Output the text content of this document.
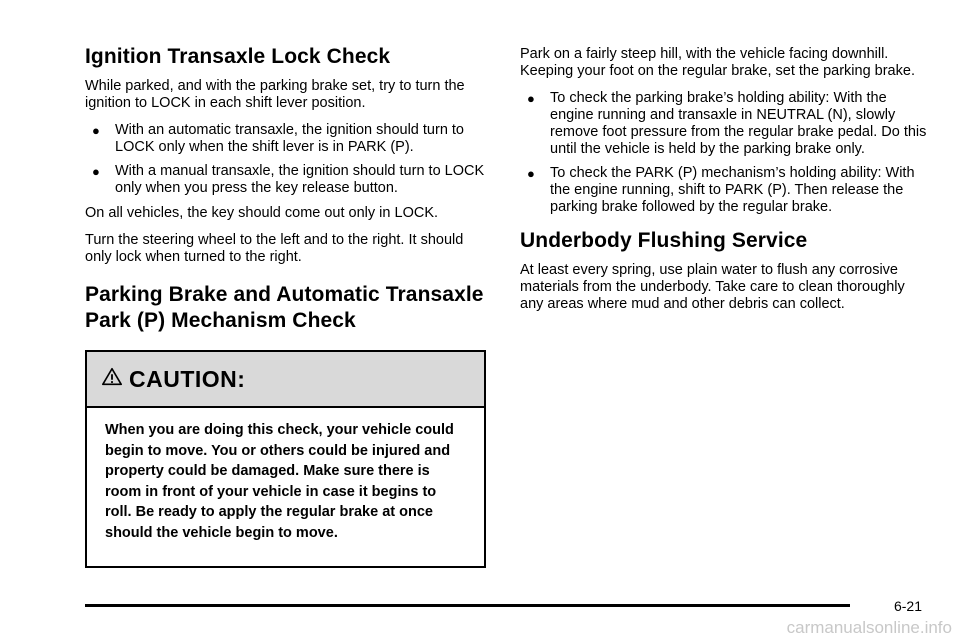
Ignition Transaxle Lock Check

While parked, and with the parking brake set, try to turn the ignition to LOCK in each shift lever position.

● With an automatic transaxle, the ignition should turn to LOCK only when the shift lever is in PARK (P).
● With a manual transaxle, the ignition should turn to LOCK only when you press the key release button.

On all vehicles, the key should come out only in LOCK.

Turn the steering wheel to the left and to the right. It should only lock when turned to the right.

Parking Brake and Automatic Transaxle
Park (P) Mechanism Check
CAUTION:
When you are doing this check, your vehicle could begin to move. You or others could be injured and property could be damaged. Make sure there is room in front of your vehicle in case it begins to roll. Be ready to apply the regular brake at once should the vehicle begin to move.

Park on a fairly steep hill, with the vehicle facing downhill. Keeping your foot on the regular brake, set the parking brake.

● To check the parking brake’s holding ability: With the engine running and transaxle in NEUTRAL (N), slowly remove foot pressure from the regular brake pedal. Do this until the vehicle is held by the parking brake only.
● To check the PARK (P) mechanism’s holding ability: With the engine running, shift to PARK (P). Then release the parking brake followed by the regular brake.
Underbody Flushing Service

At least every spring, use plain water to flush any corrosive materials from the underbody. Take care to clean thoroughly any areas where mud and other debris can collect.

6-21
carmanualsonline.info
